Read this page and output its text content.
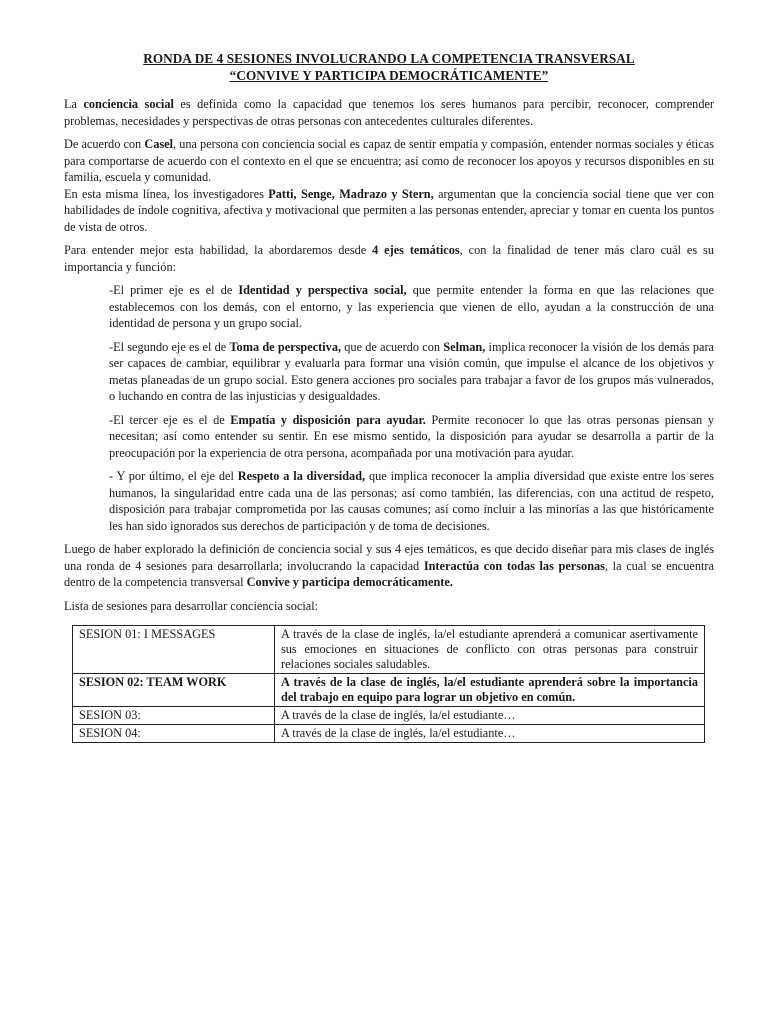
RONDA DE 4 SESIONES INVOLUCRANDO LA COMPETENCIA TRANSVERSAL
“CONVIVE Y PARTICIPA DEMOCRÁTICAMENTE”

La conciencia social es definida como la capacidad que tenemos los seres humanos para percibir, reconocer, comprender problemas, necesidades y perspectivas de otras personas con antecedentes culturales diferentes.

De acuerdo con Casel, una persona con conciencia social es capaz de sentir empatía y compasión, entender normas sociales y éticas para comportarse de acuerdo con el contexto en el que se encuentra; así como de reconocer los apoyos y recursos disponibles en su familia, escuela y comunidad.

En esta misma línea, los investigadores Patti, Senge, Madrazo y Stern, argumentan que la conciencia social tiene que ver con habilidades de índole cognitiva, afectiva y motivacional que permiten a las personas entender, apreciar y tomar en cuenta los puntos de vista de otros.

Para entender mejor esta habilidad, la abordaremos desde 4 ejes temáticos, con la finalidad de tener más claro cuál es su importancia y función:

-El primer eje es el de Identidad y perspectiva social, que permite entender la forma en que las relaciones que establecemos con los demás, con el entorno, y las experiencia que vienen de ello, ayudan a la construcción de una identidad de persona y un grupo social.

-El segundo eje es el de Toma de perspectiva, que de acuerdo con Selman, implica reconocer la visión de los demás para ser capaces de cambiar, equilibrar y evaluarla para formar una visión común, que impulse el alcance de los objetivos y metas planeadas de un grupo social. Esto genera acciones pro sociales para trabajar a favor de los grupos más vulnerados, o luchando en contra de las injusticias y desigualdades.

-El tercer eje es el de Empatía y disposición para ayudar. Permite reconocer lo que las otras personas piensan y necesitan; así como entender su sentir. En ese mismo sentido, la disposición para ayudar se desarrolla a partir de la preocupación por la experiencia de otra persona, acompañada por una motivación para ayudar.

- Y por último, el eje del Respeto a la diversidad, que implica reconocer la amplia diversidad que existe entre los seres humanos, la singularidad entre cada una de las personas; así como también, las diferencias, con una actitud de respeto, disposición para trabajar comprometida por las causas comunes; así como incluir a las minorías a las que históricamente les han sido ignorados sus derechos de participación y de toma de decisiones.

Luego de haber explorado la definición de conciencia social y sus 4 ejes temáticos, es que decido diseñar para mis clases de inglés una ronda de 4 sesiones para desarrollarla; involucrando la capacidad Interactúa con todas las personas, la cual se encuentra dentro de la competencia transversal Convive y participa democráticamente.

Lista de sesiones para desarrollar conciencia social:

SESION 01: I MESSAGES	A través de la clase de inglés, la/el estudiante aprenderá a comunicar asertivamente sus emociones en situaciones de conflicto con otras personas para construir relaciones sociales saludables.
SESION 02: TEAM WORK	A través de la clase de inglés, la/el estudiante aprenderá sobre la importancia del trabajo en equipo para lograr un objetivo en común.
SESION 03:	A través de la clase de inglés, la/el estudiante…
SESION 04:	A través de la clase de inglés, la/el estudiante…
